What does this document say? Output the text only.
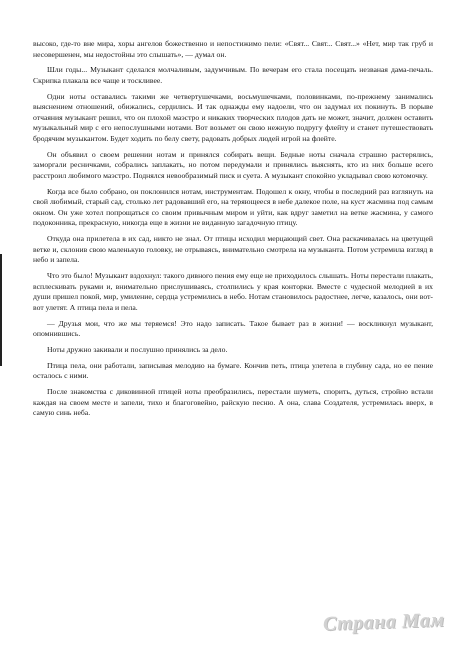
высоко, где-то вне мира, хоры ангелов божественно и непостижимо пели: «Свят... Свят... Свят...» «Нет, мир так груб и несовершенен, мы недостойны это слышать», — думал он.

Шли годы... Музыкант сделался молчаливым, задумчивым. По вечерам его стала посещать незваная дама-печаль. Скрипка плакала все чаще и тоскливее.

Одни ноты оставались такими же четвертушечками, восьмушечками, половинками, по-прежнему занимались выяснением отношений, обижались, сердились. И так однажды ему надоели, что он задумал их покинуть. В порыве отчаяния музыкант решил, что он плохой маэстро и никаких творческих плодов дать не может, значит, должен оставить музыкальный мир с его непослушными нотами. Вот возьмет он свою нежную подругу флейту и станет путешествовать бродячим музыкантом. Будет ходить по белу свету, радовать добрых людей игрой на флейте.

Он объявил о своем решении нотам и принялся собирать вещи. Бедные ноты сначала страшно растерялись, заморгали ресничками, собрались заплакать, но потом передумали и принялись выяснять, кто из них больше всего расстроил любимого маэстро. Поднялся невообразимый писк и суета. А музыкант спокойно укладывал свою котомочку.

Когда все было собрано, он поклонился нотам, инструментам. Подошел к окну, чтобы в последний раз взглянуть на свой любимый, старый сад, столько лет радовавший его, на теряющееся в небе далекое поле, на куст жасмина под самым окном. Он уже хотел попрощаться со своим привычным миром и уйти, как вдруг заметил на ветке жасмина, у самого подоконника, прекрасную, никогда еще в жизни не виданную загадочную птицу.

Откуда она прилетела в их сад, никто не знал. От птицы исходил мерцающий свет. Она раскачивалась на цветущей ветке и, склонив свою маленькую головку, не отрываясь, внимательно смотрела на музыканта. Потом устремила взгляд в небо и запела.

Что это было! Музыкант вздохнул: такого дивного пения ему еще не приходилось слышать. Ноты перестали плакать, всплескивать руками и, внимательно прислушиваясь, столпились у края конторки. Вместе с чудесной мелодией в их души пришел покой, мир, умиление, сердца устремились в небо. Нотам становилось радостнее, легче, казалось, они вот-вот улетят. А птица пела и пела.

— Друзья мои, что же мы теряемся! Это надо записать. Такое бывает раз в жизни! — воскликнул музыкант, опомнившись.

Ноты дружно закивали и послушно принялись за дело.

Птица пела, они работали, записывая мелодию на бумаге. Кончив петь, птица улетела в глубину сада, но ее пение осталось с ними.

После знакомства с диковинной птицей ноты преобразились, перестали шуметь, спорить, дуться, стройно встали каждая на своем месте и запели, тихо и благоговейно, райскую песню. А она, слава Создателя, устремилась вверх, в самую синь неба.

Страна Мам
